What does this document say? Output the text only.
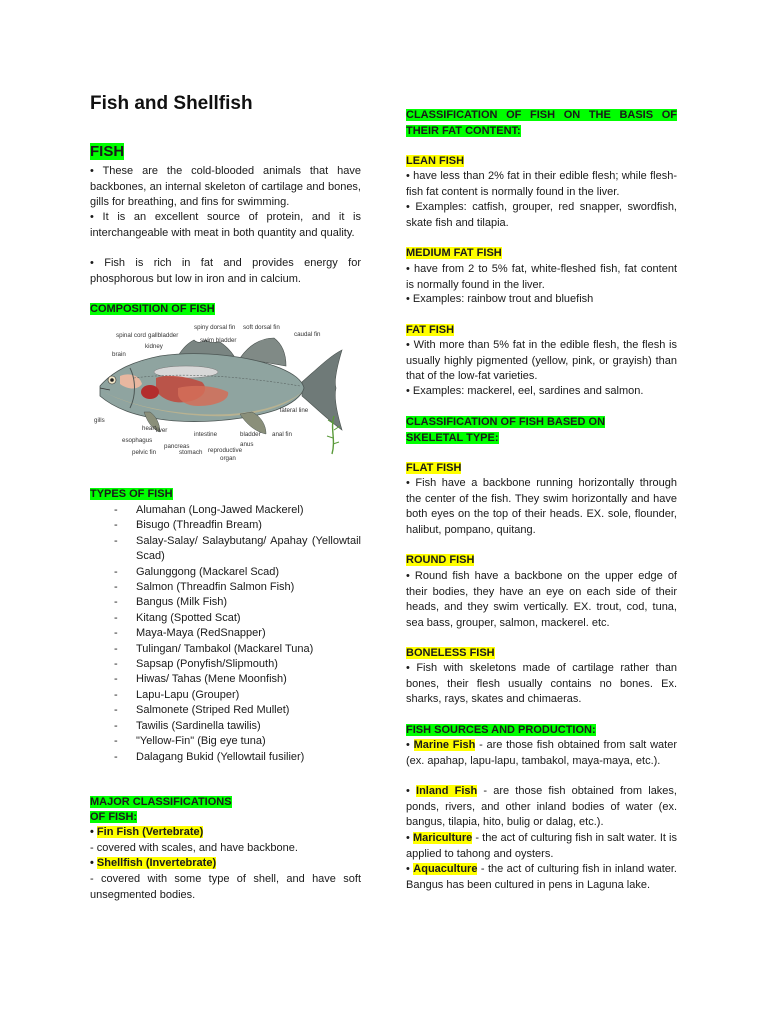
Fish and Shellfish
FISH

• These are the cold-blooded animals that have backbones, an internal skeleton of cartilage and bones, gills for breathing, and fins for swimming.

• It is an excellent source of protein, and it is interchangeable with meat in both quantity and quality.

• Fish is rich in fat and provides energy for phosphorous but low in iron and in calcium.

COMPOSITION OF FISH
TYPES OF FISH
- Alumahan (Long-Jawed Mackerel)
- Bisugo (Threadfin Bream)
- Salay-Salay/ Salaybutang/ Apahay (Yellowtail Scad)
- Galunggong (Mackarel Scad)
- Salmon (Threadfin Salmon Fish)
- Bangus (Milk Fish)
- Kitang (Spotted Scat)
- Maya-Maya (RedSnapper)
- Tulingan/ Tambakol (Mackarel Tuna)
- Sapsap (Ponyfish/Slipmouth)
- Hiwas/ Tahas (Mene Moonfish)
- Lapu-Lapu (Grouper)
- Salmonete (Striped Red Mullet)
- Tawilis (Sardinella tawilis)
- "Yellow-Fin" (Big eye tuna)
- Dalagang Bukid (Yellowtail fusilier)
MAJOR CLASSIFICATIONS
OF FISH:
• Fin Fish (Vertebrate)

- covered with scales, and have backbone.

• Shellfish (Invertebrate)

- covered with some type of shell, and have soft unsegmented bodies.

spinal cord gallbladder
spiny dorsal fin soft dorsal fin
caudal fin
kidney
swim bladder
brain
lateral line
gills
heart liver
esophagus
intestine	bladder anal fin
anus
pancreas
pelvic fin	stomach reproductive
organ

CLASSIFICATION OF FISH ON THE BASIS OF THEIR FAT CONTENT:

LEAN FISH

• have less than 2% fat in their edible flesh; while flesh-fish fat content is normally found in the liver.

• Examples: catfish, grouper, red snapper, swordfish, skate fish and tilapia.

MEDIUM FAT FISH

• have from 2 to 5% fat, white-fleshed fish, fat content is normally found in the liver.

• Examples: rainbow trout and bluefish

FAT FISH

• With more than 5% fat in the edible flesh, the flesh is usually highly pigmented (yellow, pink, or grayish) than that of the low-fat varieties.

• Examples: mackerel, eel, sardines and salmon.

CLASSIFICATION OF FISH BASED ON
SKELETAL TYPE:
FLAT FISH

• Fish have a backbone running horizontally through the center of the fish. They swim horizontally and have both eyes on the top of their heads. EX. sole, flounder, halibut, pompano, quitang.

ROUND FISH

• Round fish have a backbone on the upper edge of their bodies, they have an eye on each side of their heads, and they swim vertically. EX. trout, cod, tuna, sea bass, grouper, salmon, mackerel. etc.

BONELESS FISH

• Fish with skeletons made of cartilage rather than bones, their flesh usually contains no bones. Ex. sharks, rays, skates and chimaeras.

FISH SOURCES AND PRODUCTION:

• Marine Fish - are those fish obtained from salt water (ex. apahap, lapu-lapu, tambakol, maya-maya, etc.).

• Inland Fish - are those fish obtained from lakes, ponds, rivers, and other inland bodies of water (ex. bangus, tilapia, hito, bulig or dalag, etc.).

• Mariculture - the act of culturing fish in salt water. It is applied to tahong and oysters.

• Aquaculture - the act of culturing fish in inland water. Bangus has been cultured in pens in Laguna lake.
